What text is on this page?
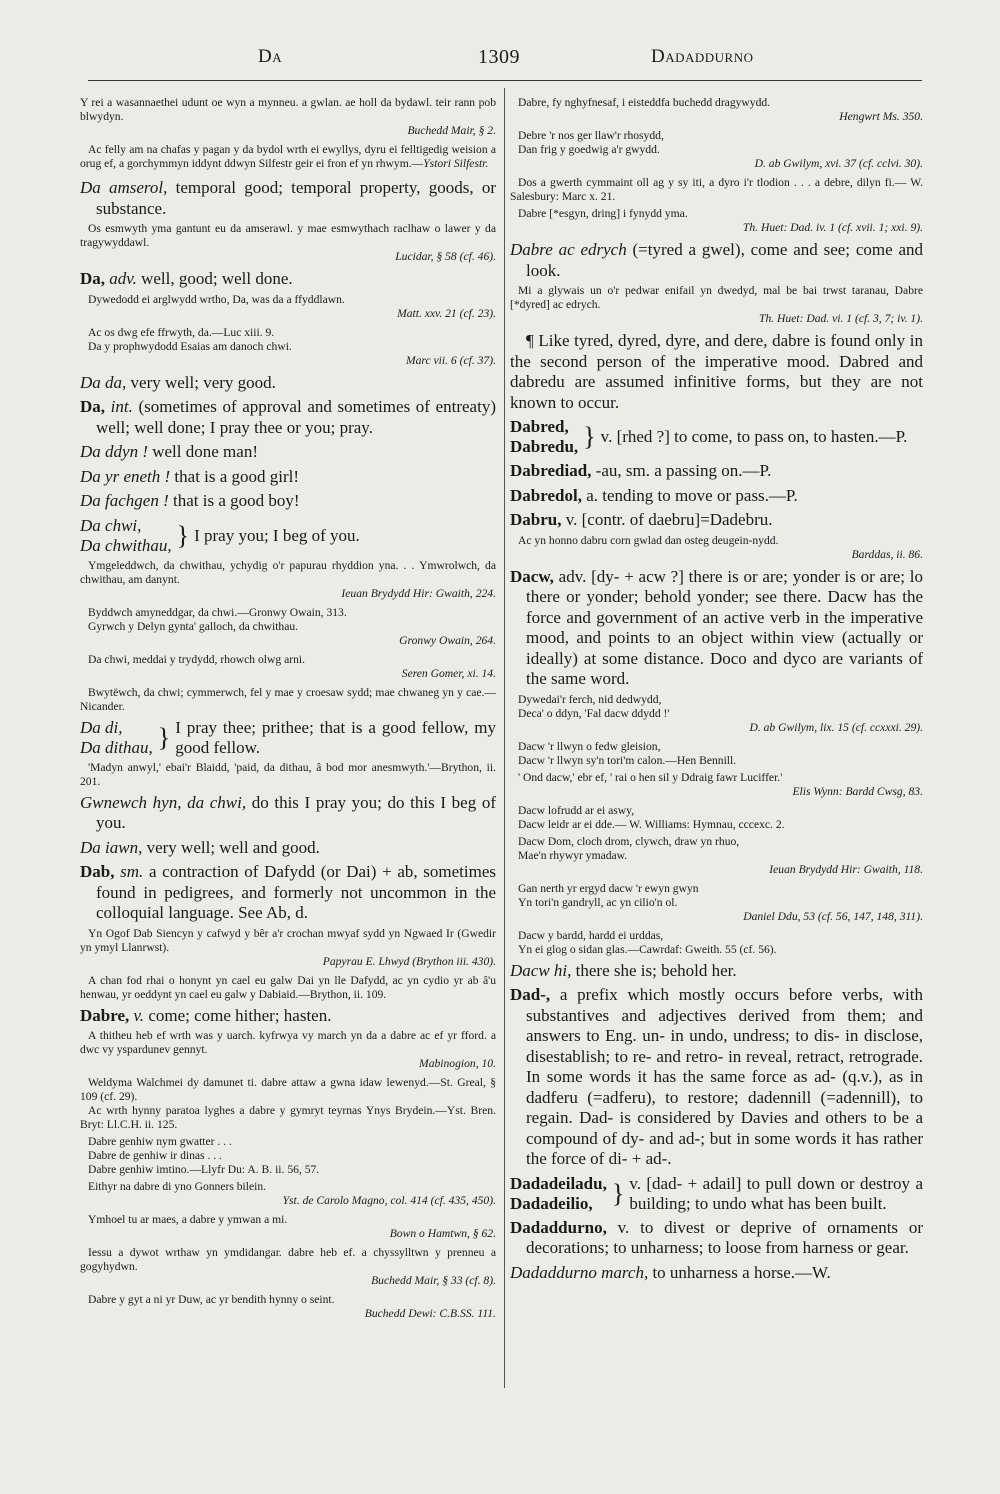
Da	1309	Dadaddurno

Y rei a wasannaethei udunt oe wyn a mynneu. a gwlan. ae holl da bydawl. teir rann pob blwydyn.

Buchedd Mair, § 2.

Ac felly am na chafas y pagan y da bydol wrth ei ewyllys, dyru ei felltigedig weision a orug ef, a gorchymmyn iddynt ddwyn Silfestr geir ei fron ef yn rhwym.—Ystori Silfestr.

Da amserol, temporal good; temporal property, goods, or substance.

Os esmwyth yma gantunt eu da amserawl. y mae esmwythach raclhaw o lawer y da tragywyddawl.

Lucidar, § 58 (cf. 46).

Da, adv. well, good; well done.

Dywedodd ei arglwydd wrtho, Da, was da a ffyddlawn.

Matt. xxv. 21 (cf. 23).

Ac os dwg efe ffrwyth, da.—Luc xiii. 9.

Da y prophwydodd Esaias am danoch chwi.

Marc vii. 6 (cf. 37).

Da da, very well; very good.

Da, int. (sometimes of approval and sometimes of entreaty) well; well done; I pray thee or you; pray.

Da ddyn ! well done man!

Da yr eneth ! that is a good girl!

Da fachgen ! that is a good boy!

Da chwi,
Da chwithau, } I pray you; I beg of you.

Ymgeleddwch, da chwithau, ychydig o'r papurau rhyddion yna. . . Ymwrolwch, da chwithau, am danynt.

Ieuan Brydydd Hir: Gwaith, 224.

Byddwch amyneddgar, da chwi.—Gronwy Owain, 313.

Gyrwch y Delyn gynta' galloch, da chwithau.

Gronwy Owain, 264.

Da chwi, meddai y trydydd, rhowch olwg arni.

Seren Gomer, xi. 14.

Bwytëwch, da chwi; cymmerwch, fel y mae y croesaw sydd; mae chwaneg yn y cae.—Nicander.

Da di,
Da dithau, } I pray thee; prithee; that is a good fellow, my good fellow.

'Madyn anwyl,' ebai'r Blaidd, 'paid, da dithau, â bod mor anesmwyth.'—Brython, ii. 201.

Gwnewch hyn, da chwi, do this I pray you; do this I beg of you.

Da iawn, very well; well and good.

Dab, sm. a contraction of Dafydd (or Dai) + ab, sometimes found in pedigrees, and formerly not uncommon in the colloquial language. See Ab, d.

Yn Ogof Dab Siencyn y cafwyd y bêr a'r crochan mwyaf sydd yn Ngwaed Ir (Gwedir yn ymyl Llanrwst).

Papyrau E. Lhwyd (Brython iii. 430).

A chan fod rhai o honynt yn cael eu galw Dai yn lle Dafydd, ac yn cydio yr ab â'u henwau, yr oeddynt yn cael eu galw y Dabiaid.—Brython, ii. 109.

Dabre, v. come; come hither; hasten.

A thitheu heb ef wrth was y uarch. kyfrwya vy march yn da a dabre ac ef yr fford. a dwc vy yspardunev gennyt.

Mabinogion, 10.

Weldyma Walchmei dy damunet ti. dabre attaw a gwna idaw lewenyd.—St. Greal, § 109 (cf. 29).

Ac wrth hynny paratoa lyghes a dabre y gymryt teyrnas Ynys Brydein.—Yst. Bren. Bryt: Ll.C.H. ii. 125.

Dabre genhiw nym gwatter . . .

Dabre de genhiw ir dinas . . .

Dabre genhiw imtino.—Llyfr Du: A. B. ii. 56, 57.

Eithyr na dabre di yno Gonners bilein.

Yst. de Carolo Magno, col. 414 (cf. 435, 450).

Ymhoel tu ar maes, a dabre y ymwan a mi.

Bown o Hamtwn, § 62.

Iessu a dywot wrthaw yn ymdidangar. dabre heb ef. a chyssylltwn y prenneu a gogyhydwn.

Buchedd Mair, § 33 (cf. 8).

Dabre y gyt a ni yr Duw, ac yr bendith hynny o seint.

Buchedd Dewi: C.B.SS. 111.

Dabre, fy nghyfnesaf, i eisteddfa buchedd dragywydd.

Hengwrt Ms. 350.

Debre 'r nos ger llaw'r rhosydd,

Dan frig y goedwig a'r gwydd.

D. ab Gwilym, xvi. 37 (cf. cclvi. 30).

Dos a gwerth cymmaint oll ag y sy iti, a dyro i'r tlodion . . . a debre, dilyn fi.— W. Salesbury: Marc x. 21.

Dabre [*esgyn, dring] i fynydd yma.

Th. Huet: Dad. iv. 1 (cf. xvii. 1; xxi. 9).

Dabre ac edrych (=tyred a gwel), come and see; come and look.

Mi a glywais un o'r pedwar enifail yn dwedyd, mal be bai trwst taranau, Dabre [*dyred] ac edrych.

Th. Huet: Dad. vi. 1 (cf. 3, 7; iv. 1).

¶ Like tyred, dyred, dyre, and dere, dabre is found only in the second person of the imperative mood. Dabred and dabredu are assumed infinitive forms, but they are not known to occur.

Dabred,
Dabredu, } v. [rhed ?] to come, to pass on, to hasten.—P.

Dabrediad, -au, sm. a passing on.—P.

Dabredol, a. tending to move or pass.—P.

Dabru, v. [contr. of daebru]=Dadebru.

Ac yn honno dabru corn gwlad dan osteg deugein-nydd.

Barddas, ii. 86.

Dacw, adv. [dy- + acw ?] there is or are; yonder is or are; lo there or yonder; behold yonder; see there. Dacw has the force and government of an active verb in the imperative mood, and points to an object within view (actually or ideally) at some distance. Doco and dyco are variants of the same word.

Dywedai'r ferch, nid dedwydd,

Deca' o ddyn, 'Fal dacw ddydd !'

D. ab Gwilym, lix. 15 (cf. ccxxxi. 29).

Dacw 'r llwyn o fedw gleision,

Dacw 'r llwyn sy'n tori'm calon.—Hen Bennill.

' Ond dacw,' ebr ef, ' rai o hen sil y Ddraig fawr Luciffer.'

Elis Wynn: Bardd Cwsg, 83.

Dacw lofrudd ar ei aswy,

Dacw leidr ar ei dde.— W. Williams: Hymnau, cccexc. 2.

Dacw Dom, cloch drom, clywch, draw yn rhuo,

Mae'n rhywyr ymadaw.

Ieuan Brydydd Hir: Gwaith, 118.

Gan nerth yr ergyd dacw 'r ewyn gwyn

Yn tori'n gandryll, ac yn cilio'n ol.

Daniel Ddu, 53 (cf. 56, 147, 148, 311).

Dacw y bardd, hardd ei urddas,

Yn ei glog o sidan glas.—Cawrdaf: Gweith. 55 (cf. 56).

Dacw hi, there she is; behold her.

Dad-, a prefix which mostly occurs before verbs, with substantives and adjectives derived from them; and answers to Eng. un- in undo, undress; to dis- in disclose, disestablish; to re- and retro- in reveal, retract, retrograde. In some words it has the same force as ad- (q.v.), as in dadferu (=adferu), to restore; dadennill (=adennill), to regain. Dad- is considered by Davies and others to be a compound of dy- and ad-; but in some words it has rather the force of di- + ad-.

Dadadeiladu,
Dadadeilio, } v. [dad- + adail] to pull down or destroy a building; to undo what has been built.

Dadaddurno, v. to divest or deprive of ornaments or decorations; to unharness; to loose from harness or gear.

Dadaddurno march, to unharness a horse.—W.
